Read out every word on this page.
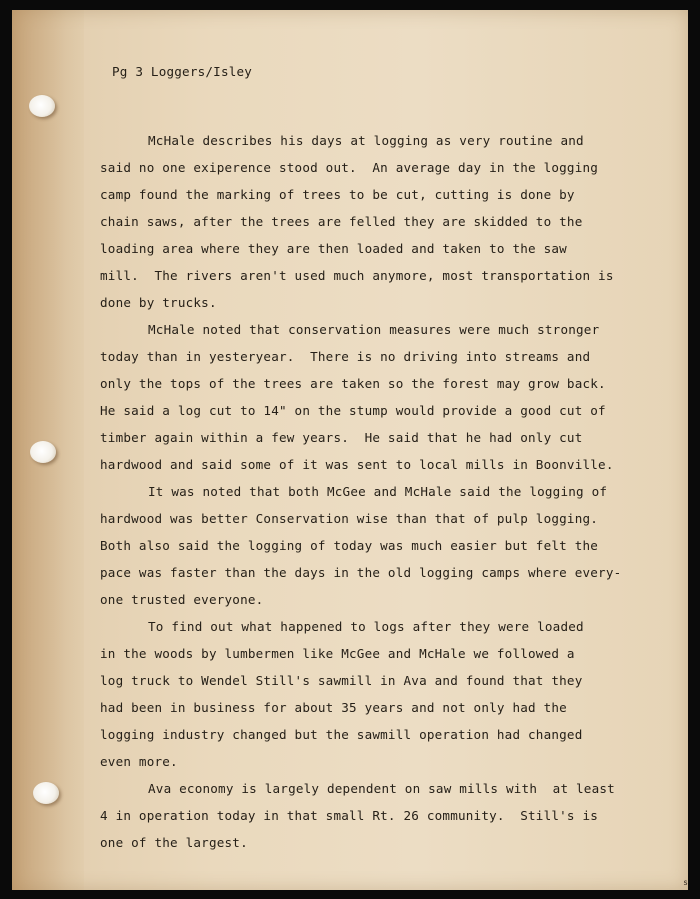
Pg 3 Loggers/Isley

McHale describes his days at logging as very routine and
said no one exiperence stood out.  An average day in the logging
camp found the marking of trees to be cut, cutting is done by
chain saws, after the trees are felled they are skidded to the
loading area where they are then loaded and taken to the saw
mill.  The rivers aren't used much anymore, most transportation is
done by trucks.
McHale noted that conservation measures were much stronger
today than in yesteryear.  There is no driving into streams and
only the tops of the trees are taken so the forest may grow back.
He said a log cut to 14" on the stump would provide a good cut of
timber again within a few years.  He said that he had only cut
hardwood and said some of it was sent to local mills in Boonville.
It was noted that both McGee and McHale said the logging of
hardwood was better Conservation wise than that of pulp logging.
Both also said the logging of today was much easier but felt the
pace was faster than the days in the old logging camps where every-
one trusted everyone.
To find out what happened to logs after they were loaded
in the woods by lumbermen like McGee and McHale we followed a
log truck to Wendel Still's sawmill in Ava and found that they
had been in business for about 35 years and not only had the
logging industry changed but the sawmill operation had changed
even more.
Ava economy is largely dependent on saw mills with  at least
4 in operation today in that small Rt. 26 community.  Still's is
one of the largest.
s
